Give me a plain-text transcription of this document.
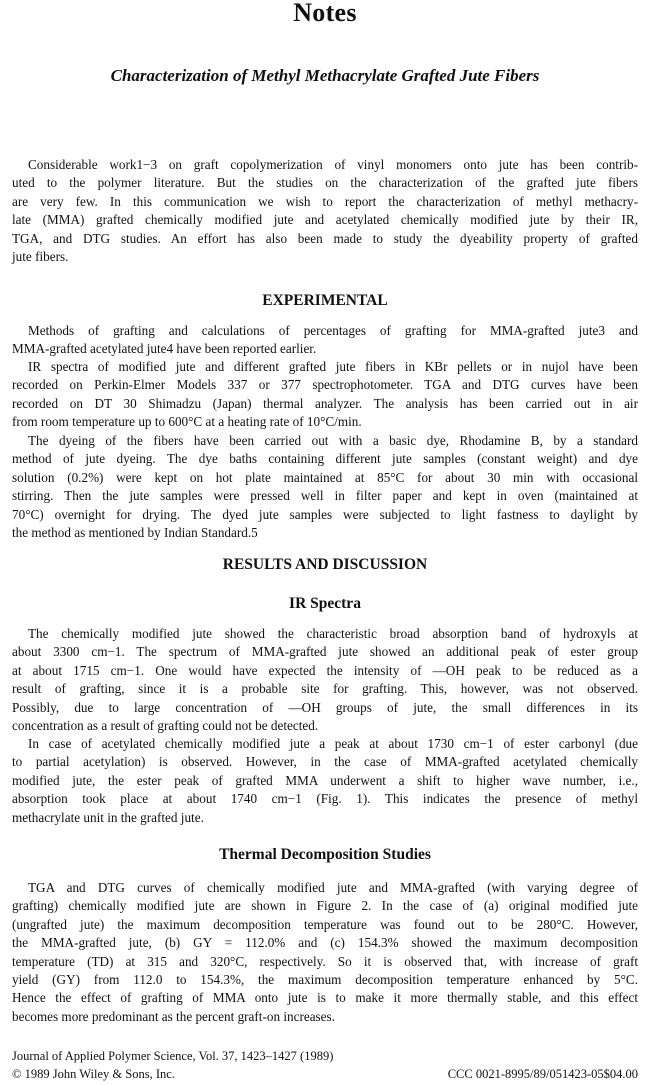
Notes
Characterization of Methyl Methacrylate Grafted Jute Fibers
Considerable work1−3 on graft copolymerization of vinyl monomers onto jute has been contrib-
uted to the polymer literature. But the studies on the characterization of the grafted jute fibers
are very few. In this communication we wish to report the characterization of methyl methacry-
late (MMA) grafted chemically modified jute and acetylated chemically modified jute by their IR,
TGA, and DTG studies. An effort has also been made to study the dyeability property of grafted
jute fibers.
EXPERIMENTAL
Methods of grafting and calculations of percentages of grafting for MMA-grafted jute3 and
MMA-grafted acetylated jute4 have been reported earlier.
IR spectra of modified jute and different grafted jute fibers in KBr pellets or in nujol have been
recorded on Perkin-Elmer Models 337 or 377 spectrophotometer. TGA and DTG curves have been
recorded on DT 30 Shimadzu (Japan) thermal analyzer. The analysis has been carried out in air
from room temperature up to 600°C at a heating rate of 10°C/min.
The dyeing of the fibers have been carried out with a basic dye, Rhodamine B, by a standard
method of jute dyeing. The dye baths containing different jute samples (constant weight) and dye
solution (0.2%) were kept on hot plate maintained at 85°C for about 30 min with occasional
stirring. Then the jute samples were pressed well in filter paper and kept in oven (maintained at
70°C) overnight for drying. The dyed jute samples were subjected to light fastness to daylight by
the method as mentioned by Indian Standard.5
RESULTS AND DISCUSSION
IR Spectra
The chemically modified jute showed the characteristic broad absorption band of hydroxyls at
about 3300 cm−1. The spectrum of MMA-grafted jute showed an additional peak of ester group
at about 1715 cm−1. One would have expected the intensity of —OH peak to be reduced as a
result of grafting, since it is a probable site for grafting. This, however, was not observed.
Possibly, due to large concentration of —OH groups of jute, the small differences in its
concentration as a result of grafting could not be detected.
In case of acetylated chemically modified jute a peak at about 1730 cm−1 of ester carbonyl (due
to partial acetylation) is observed. However, in the case of MMA-grafted acetylated chemically
modified jute, the ester peak of grafted MMA underwent a shift to higher wave number, i.e.,
absorption took place at about 1740 cm−1 (Fig. 1). This indicates the presence of methyl
methacrylate unit in the grafted jute.
Thermal Decomposition Studies
TGA and DTG curves of chemically modified jute and MMA-grafted (with varying degree of
grafting) chemically modified jute are shown in Figure 2. In the case of (a) original modified jute
(ungrafted jute) the maximum decomposition temperature was found out to be 280°C. However,
the MMA-grafted jute, (b) GY = 112.0% and (c) 154.3% showed the maximum decomposition
temperature (TD) at 315 and 320°C, respectively. So it is observed that, with increase of graft
yield (GY) from 112.0 to 154.3%, the maximum decomposition temperature enhanced by 5°C.
Hence the effect of grafting of MMA onto jute is to make it more thermally stable, and this effect
becomes more predominant as the percent graft-on increases.
Journal of Applied Polymer Science, Vol. 37, 1423–1427 (1989)
© 1989 John Wiley & Sons, Inc.	CCC 0021-8995/89/051423-05$04.00
